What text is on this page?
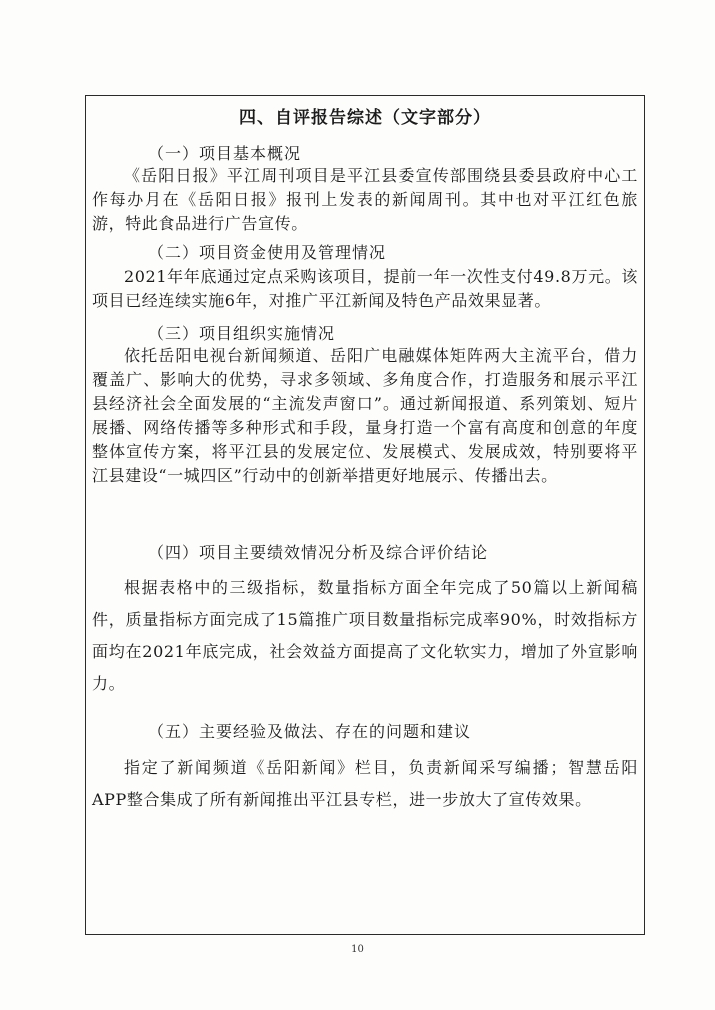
四、自评报告综述（文字部分）
（一）项目基本概况
《岳阳日报》平江周刊项目是平江县委宣传部围绕县委县政府中心工作每办月在《岳阳日报》报刊上发表的新闻周刊。其中也对平江红色旅游，特此食品进行广告宣传。
（二）项目资金使用及管理情况
2021年年底通过定点采购该项目，提前一年一次性支付49.8万元。该项目已经连续实施6年，对推广平江新闻及特色产品效果显著。
（三）项目组织实施情况
依托岳阳电视台新闻频道、岳阳广电融媒体矩阵两大主流平台，借力覆盖广、影响大的优势，寻求多领域、多角度合作，打造服务和展示平江县经济社会全面发展的“主流发声窗口”。通过新闻报道、系列策划、短片展播、网络传播等多种形式和手段，量身打造一个富有高度和创意的年度整体宣传方案，将平江县的发展定位、发展模式、发展成效，特别要将平江县建设“一城四区”行动中的创新举措更好地展示、传播出去。
（四）项目主要绩效情况分析及综合评价结论
根据表格中的三级指标，数量指标方面全年完成了50篇以上新闻稿件，质量指标方面完成了15篇推广项目数量指标完成率90%，时效指标方面均在2021年底完成，社会效益方面提高了文化软实力，增加了外宣影响力。
（五）主要经验及做法、存在的问题和建议
指定了新闻频道《岳阳新闻》栏目，负责新闻采写编播；智慧岳阳APP整合集成了所有新闻推出平江县专栏，进一步放大了宣传效果。
10
